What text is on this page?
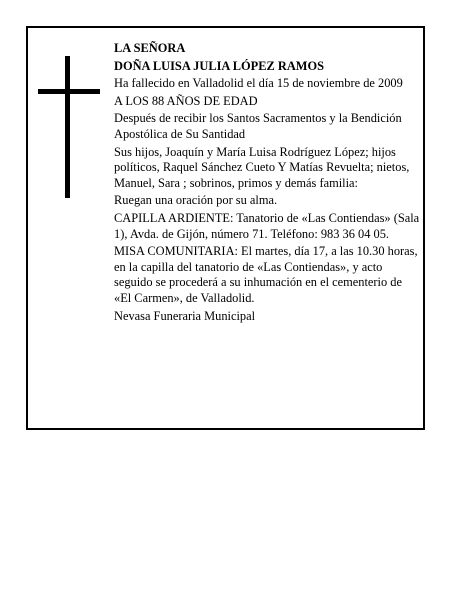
LA SEÑORA

DOÑA LUISA JULIA LÓPEZ RAMOS

Ha fallecido en Valladolid el día 15 de noviembre de 2009

A LOS 88 AÑOS DE EDAD

Después de recibir los Santos Sacramentos y la Bendición Apostólica de Su Santidad

Sus hijos, Joaquín y María Luisa Rodríguez López; hijos políticos, Raquel Sánchez Cueto Y Matías Revuelta; nietos, Manuel, Sara ; sobrinos, primos y demás familia:

Ruegan una oración por su alma.

CAPILLA ARDIENTE: Tanatorio de «Las Contiendas» (Sala 1), Avda. de Gijón, número 71. Teléfono: 983 36 04 05.

MISA COMUNITARIA: El martes, día 17, a las 10.30 horas, en la capilla del tanatorio de «Las Contiendas», y acto seguido se procederá a su inhumación en el cementerio de «El Carmen», de Valladolid.

Nevasa Funeraria Municipal
